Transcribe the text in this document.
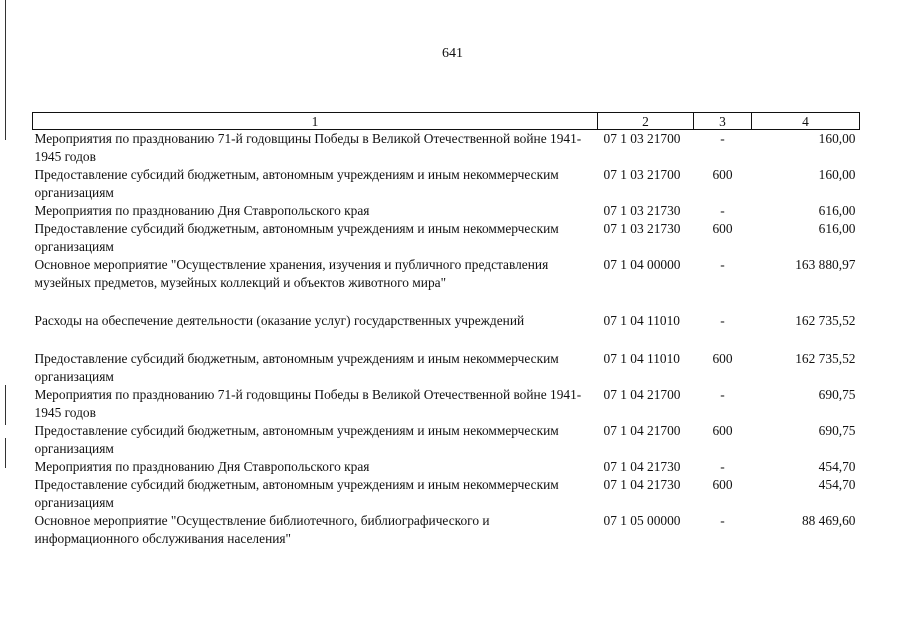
641
1	2	3	4
Мероприятия по празднованию 71-й годовщины Победы в Великой Отечественной войне 1941-1945 годов	07 1 03 21700	-	160,00
Предоставление субсидий бюджетным, автономным учреждениям и иным некоммерческим организациям	07 1 03 21700	600	160,00
Мероприятия по празднованию Дня Ставропольского края	07 1 03 21730	-	616,00
Предоставление субсидий бюджетным, автономным учреждениям и иным некоммерческим организациям	07 1 03 21730	600	616,00
Основное мероприятие "Осуществление хранения, изучения и публичного представления музейных предметов, музейных коллекций и объектов животного мира"	07 1 04 00000	-	163 880,97
Расходы на обеспечение деятельности (оказание услуг) государственных учреждений	07 1 04 11010	-	162 735,52
Предоставление субсидий бюджетным, автономным учреждениям и иным некоммерческим организациям	07 1 04 11010	600	162 735,52
Мероприятия по празднованию 71-й годовщины Победы в Великой Отечественной войне 1941-1945 годов	07 1 04 21700	-	690,75
Предоставление субсидий бюджетным, автономным учреждениям и иным некоммерческим организациям	07 1 04 21700	600	690,75
Мероприятия по празднованию Дня Ставропольского края	07 1 04 21730	-	454,70
Предоставление субсидий бюджетным, автономным учреждениям и иным некоммерческим организациям	07 1 04 21730	600	454,70
Основное мероприятие "Осуществление библиотечного, библиографического и информационного обслуживания населения"	07 1 05 00000	-	88 469,60
